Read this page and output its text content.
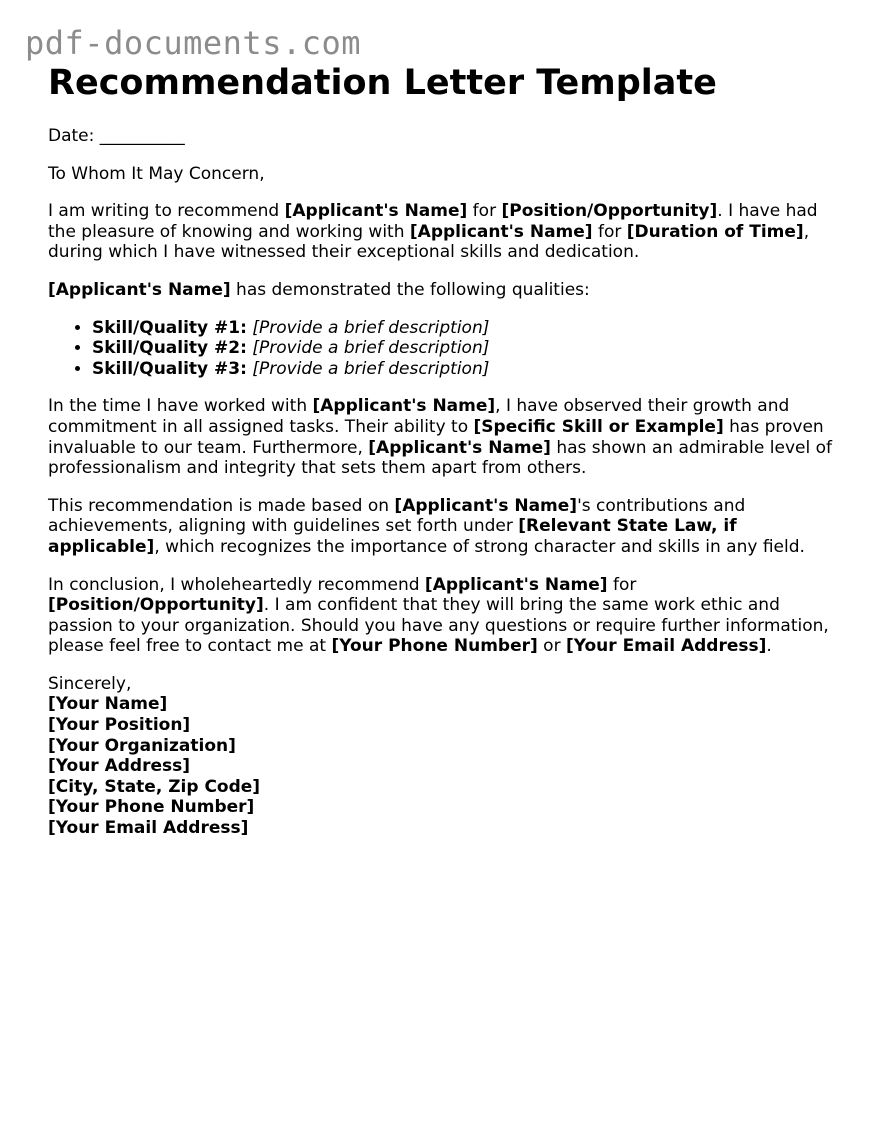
pdf-documents.com
Recommendation Letter Template

Date: __________

To Whom It May Concern,

I am writing to recommend [Applicant's Name] for [Position/Opportunity]. I have had the pleasure of knowing and working with [Applicant's Name] for [Duration of Time], during which I have witnessed their exceptional skills and dedication.

[Applicant's Name] has demonstrated the following qualities:

• Skill/Quality #1: [Provide a brief description]
• Skill/Quality #2: [Provide a brief description]
• Skill/Quality #3: [Provide a brief description]

In the time I have worked with [Applicant's Name], I have observed their growth and commitment in all assigned tasks. Their ability to [Specific Skill or Example] has proven invaluable to our team. Furthermore, [Applicant's Name] has shown an admirable level of professionalism and integrity that sets them apart from others.

This recommendation is made based on [Applicant's Name]'s contributions and achievements, aligning with guidelines set forth under [Relevant State Law, if applicable], which recognizes the importance of strong character and skills in any field.

In conclusion, I wholeheartedly recommend [Applicant's Name] for [Position/Opportunity]. I am confident that they will bring the same work ethic and passion to your organization. Should you have any questions or require further information, please feel free to contact me at [Your Phone Number] or [Your Email Address].

Sincerely,
[Your Name]
[Your Position]
[Your Organization]
[Your Address]
[City, State, Zip Code]
[Your Phone Number]
[Your Email Address]
